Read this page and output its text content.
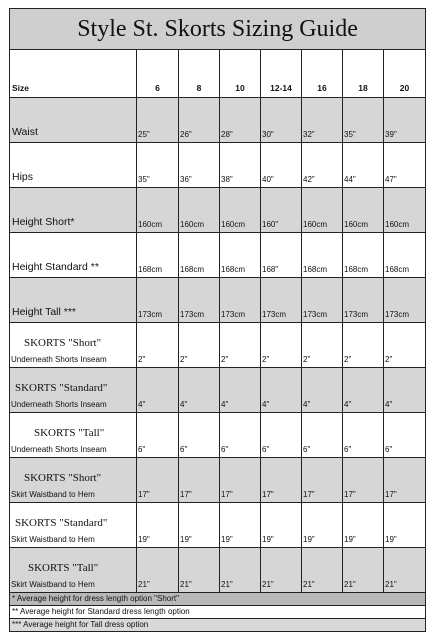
Style St. Skorts Sizing Guide							
Size	6	8	10	12-14	16	18	20
Waist	25"	26"	28"	30"	32"	35"	39"
Hips	35"	36"	38"	40"	42"	44"	47"
Height Short*	160cm	160cm	160cm	160"	160cm	160cm	160cm
Height Standard **	168cm	168cm	168cm	168"	168cm	168cm	168cm
Height Tall ***	173cm	173cm	173cm	173cm	173cm	173cm	173cm

SKORTS "Short"
Underneath Shorts Inseam	2"	2"	2"	2"	2"	2"	2"

SKORTS "Standard"
Underneath Shorts Inseam	4"	4"	4"	4"	4"	4"	4"

SKORTS "Tall"
Underneath Shorts Inseam	6"	6"	6"	6"	6"	6"	6"

SKORTS "Short"
Skirt Waistband to Hem	17"	17"	17"	17"	17"	17"	17"

SKORTS "Standard"
Skirt Waistband to Hem	19"	19"	19"	19"	19"	19"	19"

SKORTS "Tall"
Skirt Waistband to Hem	21"	21"	21"	21"	21"	21"	21"
* Average height for dress length option "Short"							
** Average height for Standard dress length option							
*** Average height for Tall dress option							
